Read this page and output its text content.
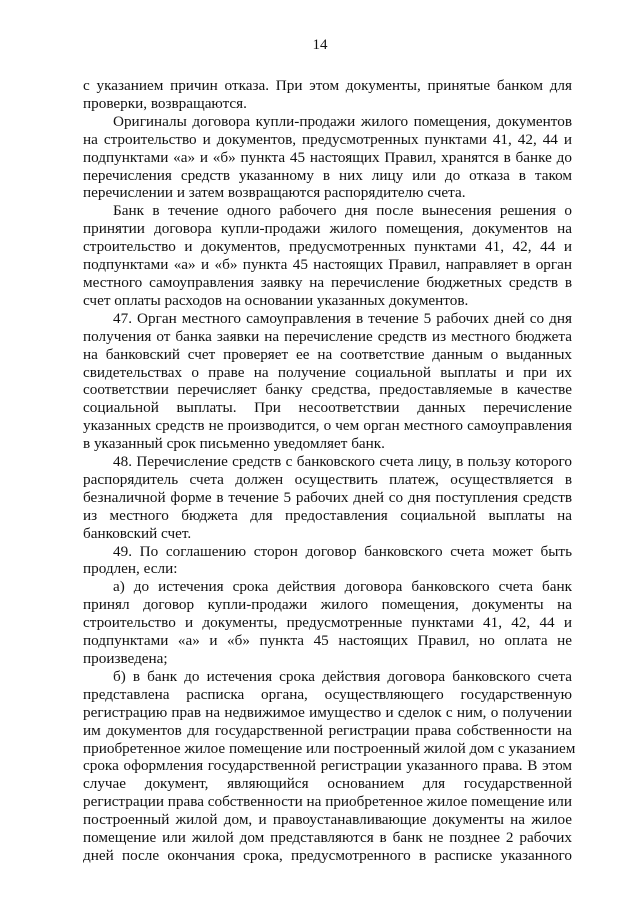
14
с указанием причин отказа. При этом документы, принятые банком для
проверки, возвращаются.
Оригиналы договора купли-продажи жилого помещения, документов
на строительство и документов, предусмотренных пунктами 41, 42, 44 и
подпунктами «а» и «б» пункта 45 настоящих Правил, хранятся в банке до
перечисления средств указанному в них лицу или до отказа в таком
перечислении и затем возвращаются распорядителю счета.
Банк в течение одного рабочего дня после вынесения решения о
принятии договора купли-продажи жилого помещения, документов на
строительство и документов, предусмотренных пунктами 41, 42, 44 и
подпунктами «а» и «б» пункта 45 настоящих Правил, направляет в орган
местного самоуправления заявку на перечисление бюджетных средств в
счет оплаты расходов на основании указанных документов.
47. Орган местного самоуправления в течение 5 рабочих дней со дня
получения от банка заявки на перечисление средств из местного бюджета
на банковский счет проверяет ее на соответствие данным о выданных
свидетельствах о праве на получение социальной выплаты и при их
соответствии перечисляет банку средства, предоставляемые в качестве
социальной выплаты. При несоответствии данных перечисление
указанных средств не производится, о чем орган местного самоуправления
в указанный срок письменно уведомляет банк.
48. Перечисление средств с банковского счета лицу, в пользу которого
распорядитель счета должен осуществить платеж, осуществляется в
безналичной форме в течение 5 рабочих дней со дня поступления средств
из местного бюджета для предоставления социальной выплаты на
банковский счет.
49. По соглашению сторон договор банковского счета может быть
продлен, если:
а) до истечения срока действия договора банковского счета банк
принял договор купли-продажи жилого помещения, документы на
строительство и документы, предусмотренные пунктами 41, 42, 44 и
подпунктами «а» и «б» пункта 45 настоящих Правил, но оплата не
произведена;
б) в банк до истечения срока действия договора банковского счета
представлена расписка органа, осуществляющего государственную
регистрацию прав на недвижимое имущество и сделок с ним, о получении
им документов для государственной регистрации права собственности на
приобретенное жилое помещение или построенный жилой дом с указанием
срока оформления государственной регистрации указанного права. В этом
случае документ, являющийся основанием для государственной
регистрации права собственности на приобретенное жилое помещение или
построенный жилой дом, и правоустанавливающие документы на жилое
помещение или жилой дом представляются в банк не позднее 2 рабочих
дней после окончания срока, предусмотренного в расписке указанного
